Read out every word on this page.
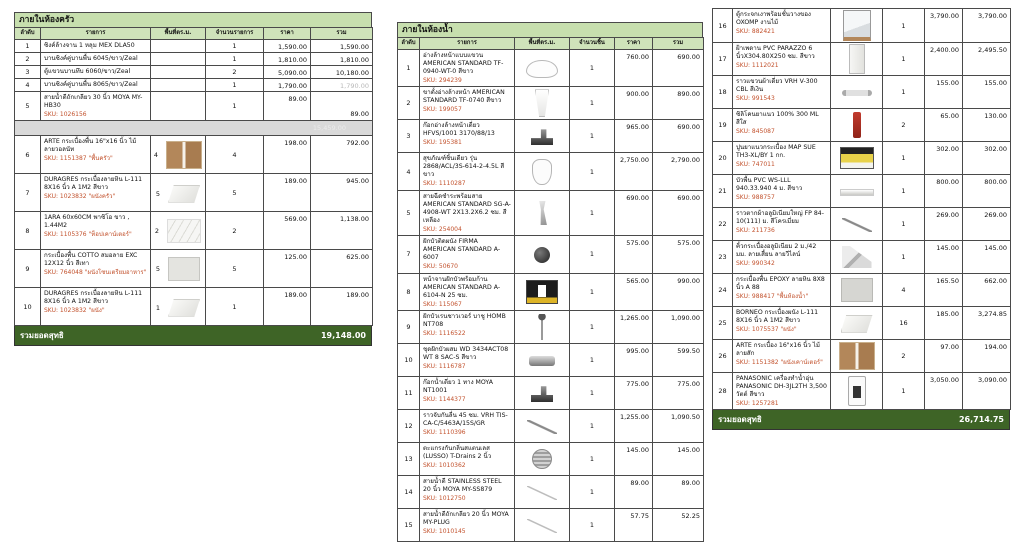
ภายในห้องครัว
ลำดับ	รายการ	พื้นที่ตร.ม.	จำนวนรายการ	ราคา	รวม
1	ซิงค์ล้างจาน 1 หลุม MEX DLA50		1	1,590.00	1,590.00
2	บานซิงค์คู่บานพื้น 6045/ขาว/Zeal		1	1,810.00	1,810.00
3	ตู้แขวนบานทึบ 6060/ขาว/Zeal		2	5,090.00	10,180.00
4	บานซิงค์คู่บานพื้น 8065/ขาว/Zeal		1	1,790.00	1,790.00
5	สายน้ำดีถักเกลียว 30 นิ้ว MOYA MY-HB30
SKU: 1026156		1	89.00	89.00
15,459.00					
6	ARTE กระเบื้องพื้น 16"x16 นิ้ว ไม้ลายวอลนัท
SKU: 1151387 "พื้นครัว"	4	4	198.00	792.00
7	DURAGRES กระเบื้องลายหิน L-111 8X16 นิ้ว A 1M2 สีขาว
SKU: 1023832 "ผนังครัว"	5	5	189.00	945.00
8	1ARA 60x60CM พาซิโอ ขาว , 1.44M2
SKU: 1105376 "ท็อปเคาน์เตอร์"	2	2	569.00	1,138.00
9	กระเบื้องพื้น COTTO สมอลาย EXC 12X12 นิ้ว สีเทา
SKU: 764048 "ผนังโซนเตรียมอาหาร"	5	5	125.00	625.00
10	DURAGRES กระเบื้องลายหิน L-111 8X16 นิ้ว A 1M2 สีขาว
SKU: 1023832 "ผนัง"	1	1	189.00	189.00
รวมยอดสุทธิ	19,148.00
ภายในห้องน้ำ
ลำดับ	รายการ	พื้นที่ตร.ม.	จำนวนชิ้น	ราคา	รวม
1	อ่างล้างหน้าแบบแขวน AMERICAN STANDARD TF-0940-WT-0 สีขาว
SKU: 294239		1	760.00	690.00
2	ขาตั้งอ่างล้างหน้า AMERICAN STANDARD TF-0740 สีขาว
SKU: 199057		1	900.00	890.00
3	ก๊อกอ่างล้างหน้าเดี่ยว HFVS/1001 3170/88/13
SKU: 195381		1	965.00	690.00
4	สุขภัณฑ์ชิ้นเดียว รุ่น 2868/ACL/3S-614-2-4.5L สีขาว
SKU: 1110287		1	2,750.00	2,790.00
5	สายฉีดชำระพร้อมสาย AMERICAN STANDARD SG-A-4908-WT 2X13.2X6.2 ซม. สีเหลือง
SKU: 254004		1	690.00	690.00
7	ฝักบัวติดผนัง FIRMA AMERICAN STANDARD A-6007
SKU: 50670		1	575.00	575.00
8	หน้าจานฝักบัวพร้อมก้าน AMERICAN STANDARD A-6104-N 25 ซม.
SKU: 115067		1	565.00	990.00
9	ฝักบัวเรนชาวเวอร์ บาชู HOMB NT708
SKU: 1116522		1	1,265.00	1,090.00
10	ชุดฝักบัวผสม WD 3434ACT08 WT 8 SAC-S สีขาว
SKU: 1116787		1	995.00	599.50
11	ก๊อกน้ำเดี่ยว 1 ทาง MOYA NT1001
SKU: 1144377		1	775.00	775.00
12	ราวจับกันลื่น 45 ซม. VRH TIS-CA-C/5463A/15S/GR
SKU: 1110396		1	1,255.00	1,090.50
13	ตะแกรงกันกลิ่นสแตนเลส (LUSSO) T-Drains 2 นิ้ว
SKU: 1010362		1	145.00	145.00
14	สายน้ำดี STAINLESS STEEL 20 นิ้ว MOYA MY-SS879
SKU: 1012750		1	89.00	89.00
15	สายน้ำดีถักเกลียว 20 นิ้ว MOYA MY-PLUG
SKU: 1010145		1	57.75	52.25
16	ตู้กระจกเงาพร้อมชั้นวางของ OXOMP งานไม้
SKU: 882421		1	3,790.00	3,790.00
17	ฝ้าเพดาน PVC PARAZZO 6 นิ้วX304.80X250 ซม. สีขาว
SKU: 1112021		1	2,400.00	2,495.50
18	ราวแขวนผ้าเดี่ยว VRH V-300 CBL สีเงิน
SKU: 991543		1	155.00	155.00
19	ซิลิโคนยาแนว 100% 300 ML สีใส
SKU: 845087		2	65.00	130.00
20	ปูนยาแนวกระเบื้อง MAP SUE TH3-XL/BY 1 กก.
SKU: 747011		1	302.00	302.00
21	บัวพื้น PVC WS-LLL 940.33.940 4 ม. สีขาว
SKU: 988757		1	800.00	800.00
22	ราวตากผ้าอลูมิเนียมใหญ่ FP 84-10(111) ม. สีโครเมี่ยม
SKU: 211736		1	269.00	269.00
23	คิ้วกระเบื้องอลูมิเนียม 2 ม./42 มม. ลายเสี้ยน ลายวีไลน์
SKU: 990342		1	145.00	145.00
24	กระเบื้องพื้น EPOXY ลายหิน 8X8 นิ้ว A 88
SKU: 988417 "พื้นห้องน้ำ"		4	165.50	662.00
25	BORNEO กระเบื้องผนัง L-111 8X16 นิ้ว A 1M2 สีขาว
SKU: 1075537 "ผนัง"		16	185.00	3,274.85
26	ARTE กระเบื้อง 16"x16 นิ้ว ไม้ลายสัก
SKU: 1151382 "ผนังเคาน์เตอร์"		2	97.00	194.00
28	PANASONIC เครื่องทำน้ำอุ่น PANASONIC DH-3JL2TH 3,500 วัตต์ สีขาว
SKU: 1257281		1	3,050.00	3,090.00
รวมยอดสุทธิ	26,714.75
